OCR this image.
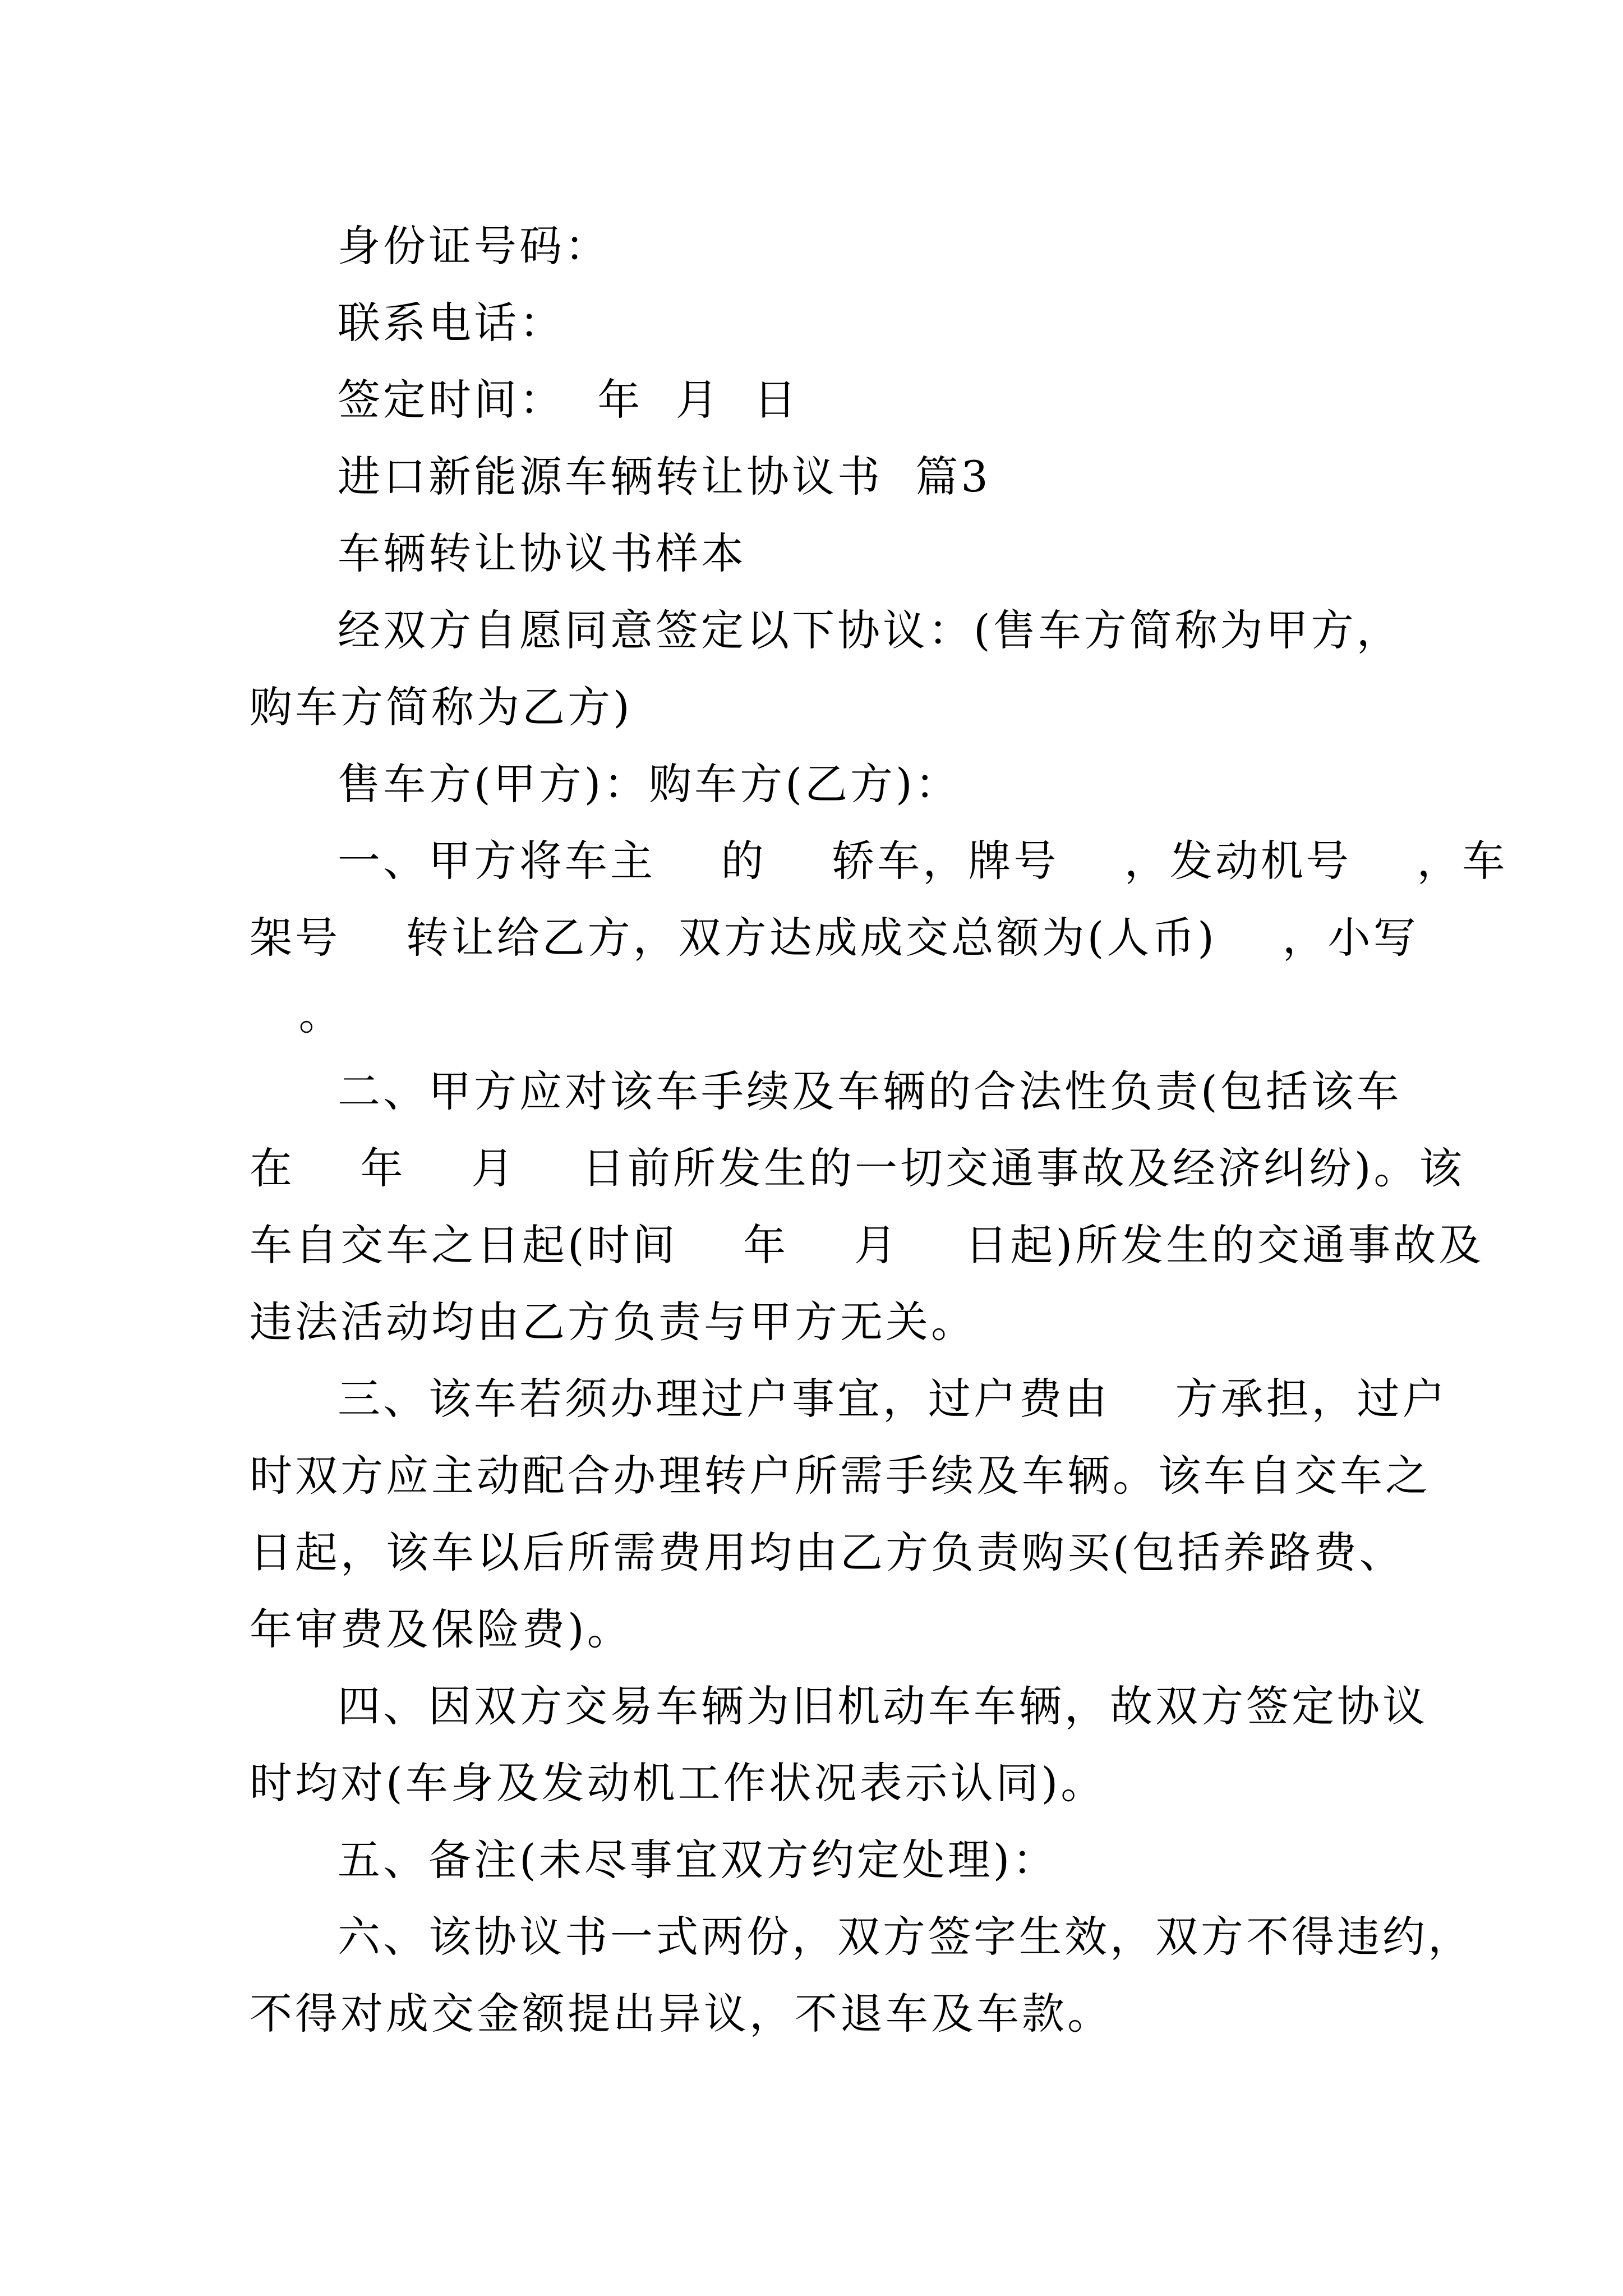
身份证号码：
联系电话：
签定时间：  年  月  日
进口新能源车辆转让协议书  篇3
车辆转让协议书样本
经双方自愿同意签定以下协议：(售车方简称为甲方，
购车方简称为乙方)
售车方(甲方)：购车方(乙方)：
一、甲方将车主    的    轿车，牌号    ，发动机号    ，车
架号    转让给乙方，双方达成成交总额为(人币)    ，小写
。
二、甲方应对该车手续及车辆的合法性负责(包括该车
在    年    月    日前所发生的一切交通事故及经济纠纷)。该
车自交车之日起(时间    年    月    日起)所发生的交通事故及
违法活动均由乙方负责与甲方无关。
三、该车若须办理过户事宜，过户费由    方承担，过户
时双方应主动配合办理转户所需手续及车辆。该车自交车之
日起，该车以后所需费用均由乙方负责购买(包括养路费、
年审费及保险费)。
四、因双方交易车辆为旧机动车车辆，故双方签定协议
时均对(车身及发动机工作状况表示认同)。
五、备注(未尽事宜双方约定处理)：
六、该协议书一式两份，双方签字生效，双方不得违约，
不得对成交金额提出异议，不退车及车款。
